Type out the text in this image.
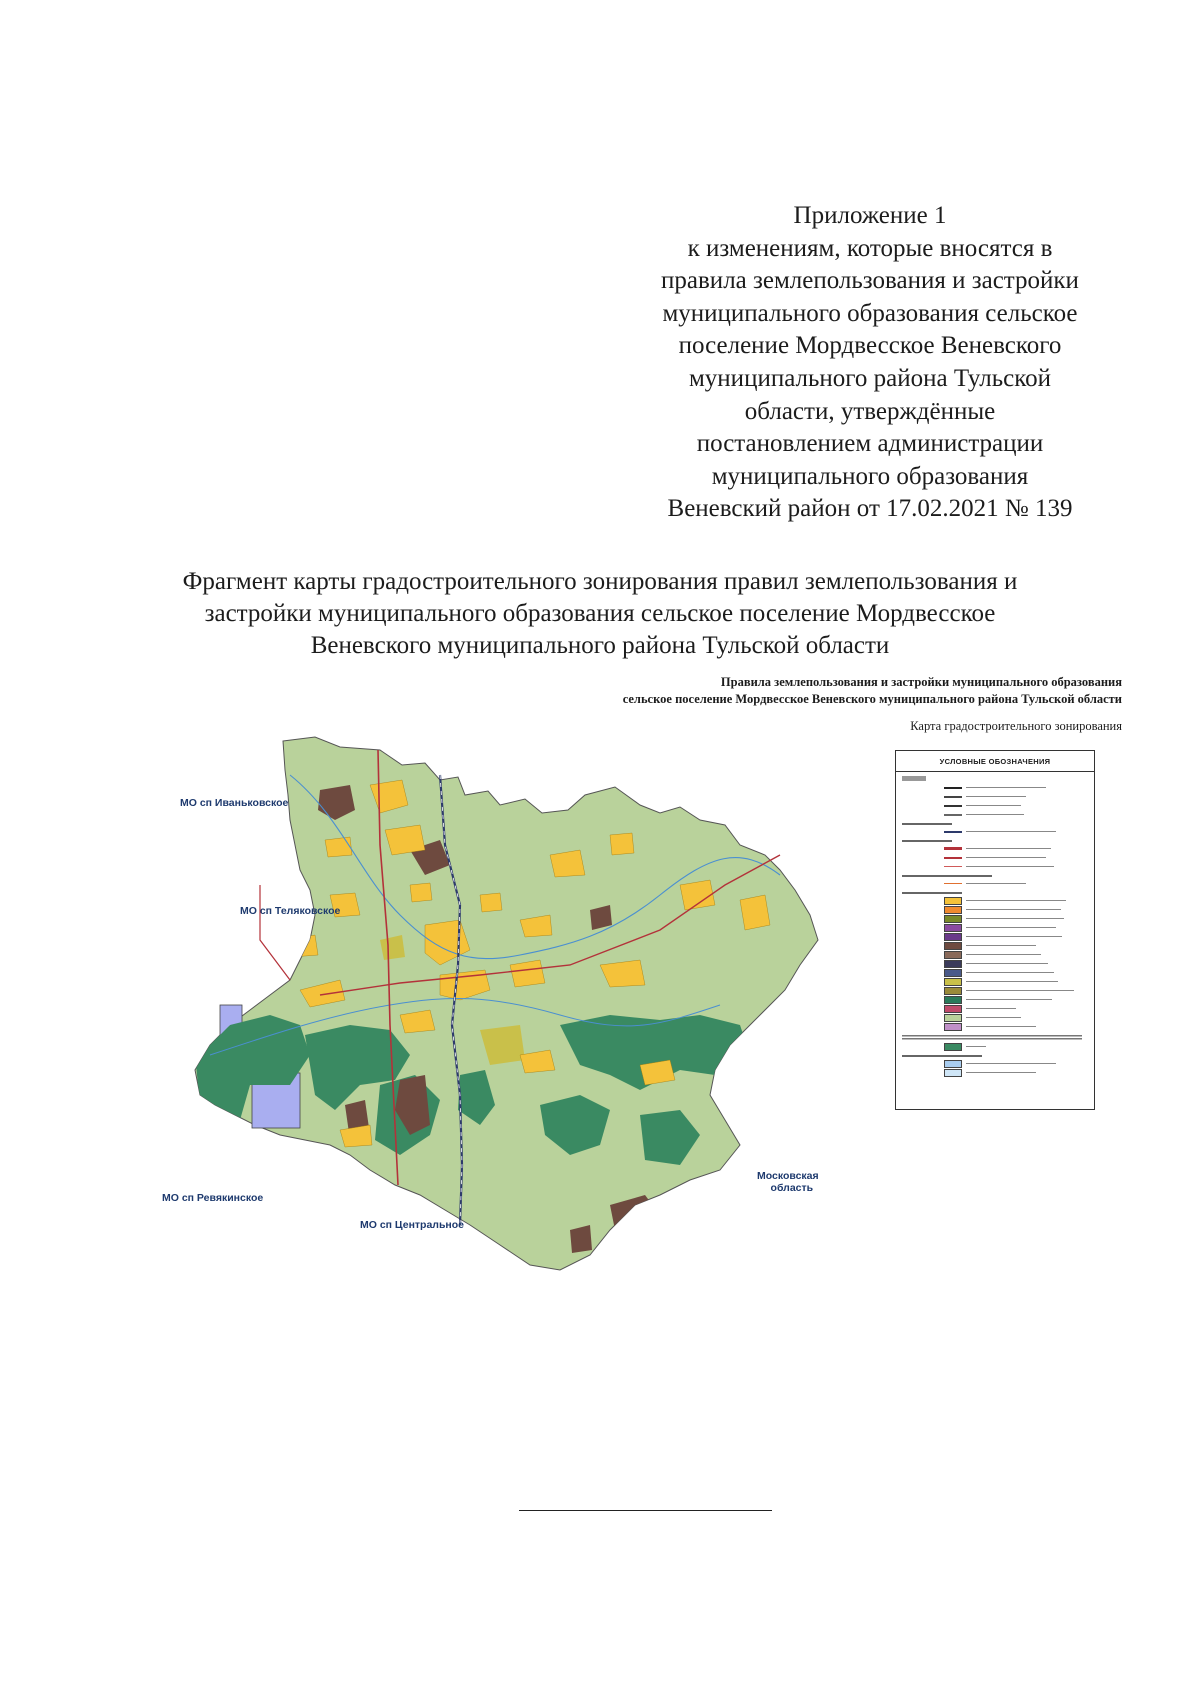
Приложение 1
к изменениям, которые вносятся в
правила землепользования и застройки
муниципального образования сельское
поселение Мордвесское Веневского
муниципального района Тульской
области, утверждённые
постановлением администрации
муниципального образования
Веневский район от 17.02.2021 № 139
Фрагмент карты градостроительного зонирования правил землепользования и
застройки муниципального образования сельское поселение Мордвесское
Веневского муниципального района Тульской области
Правила землепользования и застройки муниципального образования
сельское поселение Мордвесское Веневского муниципального района Тульской области
Карта градостроительного зонирования
МО сп Иваньковское
МО сп Теляковское
МО сп Ревякинское
МО сп Центральное
Московская
область
УСЛОВНЫЕ ОБОЗНАЧЕНИЯ
